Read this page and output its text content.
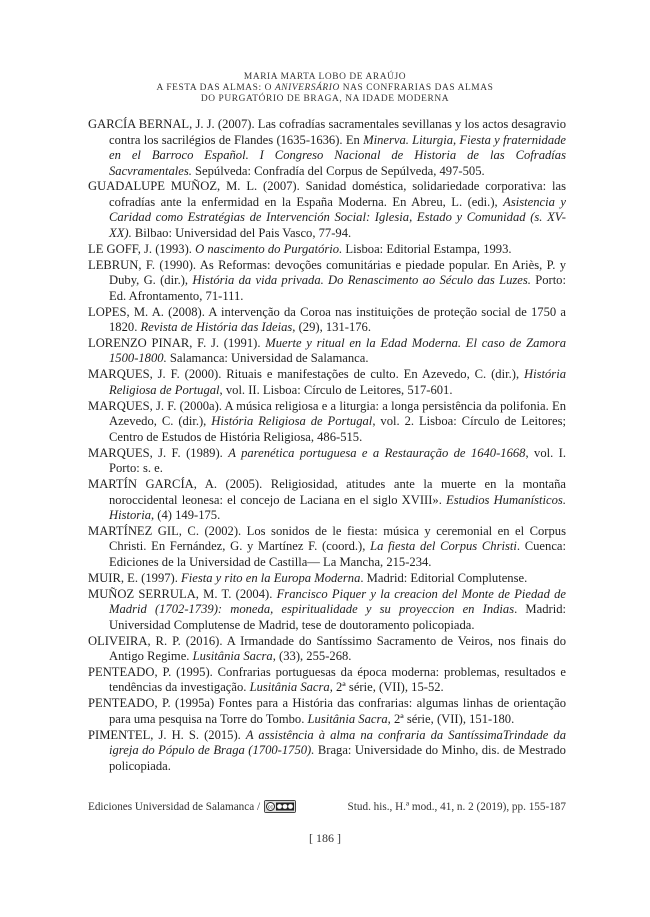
MARIA MARTA LOBO DE ARAÚJO
A FESTA DAS ALMAS: O ANIVERSÁRIO NAS CONFRARIAS DAS ALMAS
DO PURGATÓRIO DE BRAGA, NA IDADE MODERNA
GARCÍA BERNAL, J. J. (2007). Las cofradías sacramentales sevillanas y los actos desagravio contra los sacrilégios de Flandes (1635-1636). En Minerva. Liturgia, Fiesta y fraternidade en el Barroco Español. I Congreso Nacional de Historia de las Cofradías Sacvramentales. Sepúlveda: Confradía del Corpus de Sepúlveda, 497-505.
GUADALUPE MUÑOZ, M. L. (2007). Sanidad doméstica, solidariedade corporativa: las cofradías ante la enfermidad en la España Moderna. En Abreu, L. (edi.), Asistencia y Caridad como Estratégias de Intervención Social: Iglesia, Estado y Comunidad (s. XV-XX). Bilbao: Universidad del Pais Vasco, 77-94.
LE GOFF, J. (1993). O nascimento do Purgatório. Lisboa: Editorial Estampa, 1993.
LEBRUN, F. (1990). As Reformas: devoções comunitárias e piedade popular. En Ariès, P. y Duby, G. (dir.), História da vida privada. Do Renascimento ao Século das Luzes. Porto: Ed. Afrontamento, 71-111.
LOPES, M. A. (2008). A intervenção da Coroa nas instituições de proteção social de 1750 a 1820. Revista de História das Ideias, (29), 131-176.
LORENZO PINAR, F. J. (1991). Muerte y ritual en la Edad Moderna. El caso de Zamora 1500-1800. Salamanca: Universidad de Salamanca.
MARQUES, J. F. (2000). Rituais e manifestações de culto. En Azevedo, C. (dir.), História Religiosa de Portugal, vol. II. Lisboa: Círculo de Leitores, 517-601.
MARQUES, J. F. (2000a). A música religiosa e a liturgia: a longa persistência da polifonia. En Azevedo, C. (dir.), História Religiosa de Portugal, vol. 2. Lisboa: Círculo de Leitores; Centro de Estudos de História Religiosa, 486-515.
MARQUES, J. F. (1989). A parenética portuguesa e a Restauração de 1640-1668, vol. I. Porto: s. e.
MARTÍN GARCÍA, A. (2005). Religiosidad, atitudes ante la muerte en la montaña noroccidental leonesa: el concejo de Laciana en el siglo XVIII». Estudios Humanísticos. Historia, (4) 149-175.
MARTÍNEZ GIL, C. (2002). Los sonidos de le fiesta: música y ceremonial en el Corpus Christi. En Fernández, G. y Martínez F. (coord.), La fiesta del Corpus Christi. Cuenca: Ediciones de la Universidad de Castilla— La Mancha, 215-234.
MUIR, E. (1997). Fiesta y rito en la Europa Moderna. Madrid: Editorial Complutense.
MUÑOZ SERRULA, M. T. (2004). Francisco Piquer y la creacion del Monte de Piedad de Madrid (1702-1739): moneda, espiritualidade y su proyeccion en Indias. Madrid: Universidad Complutense de Madrid, tese de doutoramento policopiada.
OLIVEIRA, R. P. (2016). A Irmandade do Santíssimo Sacramento de Veiros, nos finais do Antigo Regime. Lusitânia Sacra, (33), 255-268.
PENTEADO, P. (1995). Confrarias portuguesas da época moderna: problemas, resultados e tendências da investigação. Lusitânia Sacra, 2ª série, (VII), 15-52.
PENTEADO, P. (1995a) Fontes para a História das confrarias: algumas linhas de orientação para uma pesquisa na Torre do Tombo. Lusitânia Sacra, 2ª série, (VII), 151-180.
PIMENTEL, J. H. S. (2015). A assistência à alma na confraria da SantíssimaTrindade da igreja do Pópulo de Braga (1700-1750). Braga: Universidade do Minho, dis. de Mestrado policopiada.
Ediciones Universidad de Salamanca / cc	Stud. his., H.ª mod., 41, n. 2 (2019), pp. 155-187
[ 186 ]
